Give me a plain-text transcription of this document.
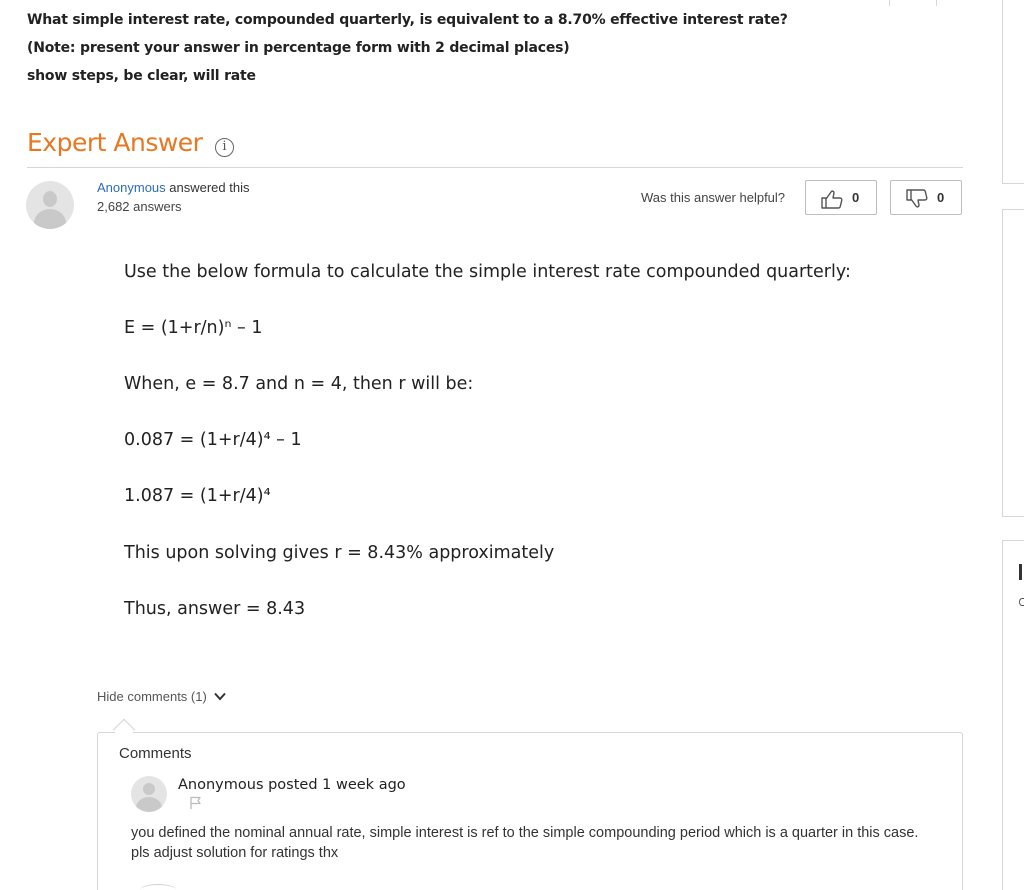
What simple interest rate, compounded quarterly, is equivalent to a 8.70% effective interest rate?

(Note: present your answer in percentage form with 2 decimal places)

show steps, be clear, will rate

Expert Answer	i
Anonymous answered this
2,682 answers
Was this answer helpful?	0	0
Use the below formula to calculate the simple interest rate compounded quarterly:
E = (1+r/n)ⁿ – 1
When, e = 8.7 and n = 4, then r will be:
0.087 = (1+r/4)⁴ – 1
1.087 = (1+r/4)⁴
This upon solving gives r = 8.43% approximately
Thus, answer = 8.43
Hide comments (1)
Comments
Anonymous posted 1 week ago
you defined the nominal annual rate, simple interest is ref to the simple compounding period which is a quarter in this case. pls adjust solution for ratings thx
